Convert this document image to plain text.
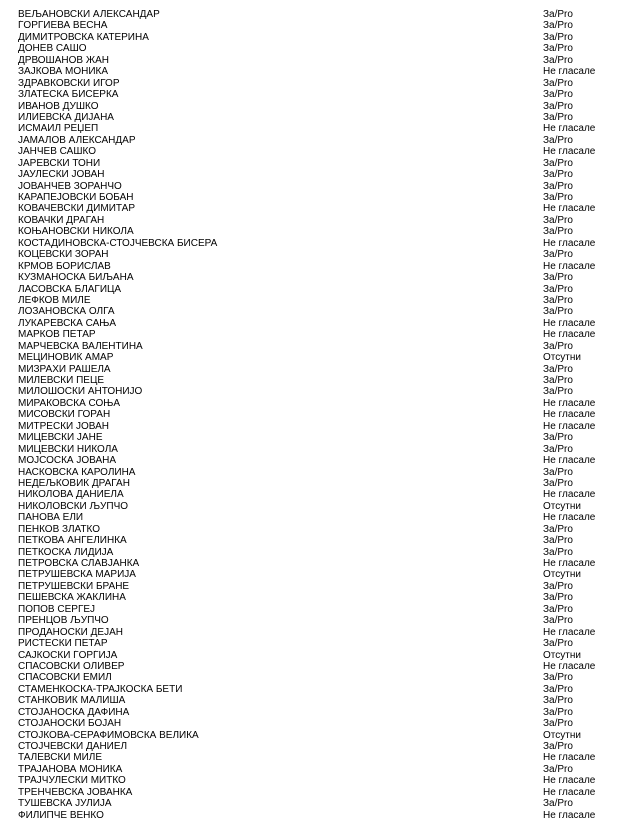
ВЕЉАНОВСКИ АЛЕКСАНДАР	За/Pro
ЃОРГИЕВА ВЕСНА	За/Pro
ДИМИТРОВСКА КАТЕРИНА	За/Pro
ДОНЕВ САШО	За/Pro
ДРВОШАНОВ ЖАН	За/Pro
ЗАЈКОВА МОНИКА	Не гласале
ЗДРАВКОВСКИ ИГОР	За/Pro
ЗЛАТЕСКА БИСЕРКА	За/Pro
ИВАНОВ ДУШКО	За/Pro
ИЛИЕВСКА ДИЈАНА	За/Pro
ИСМАИЛ РЕЏЕП	Не гласале
ЈАМАЛОВ АЛЕКСАНДАР	За/Pro
ЈАНЧЕВ САШКО	Не гласале
ЈАРЕВСКИ ТОНИ	За/Pro
ЈАУЛЕСКИ ЈОВАН	За/Pro
ЈОВАНЧЕВ ЗОРАНЧО	За/Pro
КАРАПЕЈОВСКИ БОБАН	За/Pro
КОВАЧЕВСКИ ДИМИТАР	Не гласале
КОВАЧКИ ДРАГАН	За/Pro
КОЊАНОВСКИ НИКОЛА	За/Pro
КОСТАДИНОВСКА-СТОЈЧЕВСКА БИСЕРА	Не гласале
КОЦЕВСКИ ЗОРАН	За/Pro
КРМОВ БОРИСЛАВ	Не гласале
КУЗМАНОСКА БИЉАНА	За/Pro
ЛАСОВСКА БЛАГИЦА	За/Pro
ЛЕФКОВ МИЛЕ	За/Pro
ЛОЗАНОВСКА ОЛГА	За/Pro
ЛУКАРЕВСКА САЊА	Не гласале
МАРКОВ ПЕТАР	Не гласале
МАРЧЕВСКА ВАЛЕНТИНА	За/Pro
МЕЦИНОВИЌ АМАР	Отсутни
МИЗРАХИ РАШЕЛА	За/Pro
МИЛЕВСКИ ПЕЦЕ	За/Pro
МИЛОШОСКИ АНТОНИЈО	За/Pro
МИРАКОВСКА СОЊА	Не гласале
МИСОВСКИ ГОРАН	Не гласале
МИТРЕСКИ ЈОВАН	Не гласале
МИЦЕВСКИ ЈАНЕ	За/Pro
МИЦЕВСКИ НИКОЛА	За/Pro
МОЈСОСКА ЈОВАНА	Не гласале
НАСКОВСКА КАРОЛИНА	За/Pro
НЕДЕЉКОВИЌ ДРАГАН	За/Pro
НИКОЛОВА ДАНИЕЛА	Не гласале
НИКОЛОВСКИ ЉУПЧО	Отсутни
ПАНОВА ЕЛИ	Не гласале
ПЕНКОВ ЗЛАТКО	За/Pro
ПЕТКОВА АНГЕЛИНКА	За/Pro
ПЕТКОСКА ЛИДИЈА	За/Pro
ПЕТРОВСКА СЛАВЈАНКА	Не гласале
ПЕТРУШЕВСКА МАРИЈА	Отсутни
ПЕТРУШЕВСКИ БРАНЕ	За/Pro
ПЕШЕВСКА ЖАКЛИНА	За/Pro
ПОПОВ СЕРГЕЈ	За/Pro
ПРЕНЦОВ ЉУПЧО	За/Pro
ПРОДАНОСКИ ДЕЈАН	Не гласале
РИСТЕСКИ ПЕТАР	За/Pro
САЈКОСКИ ЃОРЃИЈА	Отсутни
СПАСОВСКИ ОЛИВЕР	Не гласале
СПАСОВСКИ ЕМИЛ	За/Pro
СТАМЕНКОСКА-ТРАЈКОСКА БЕТИ	За/Pro
СТАНКОВИЌ МАЛИША	За/Pro
СТОЈАНОСКА ДАФИНА	За/Pro
СТОЈАНОСКИ БОЈАН	За/Pro
СТОЈКОВА-СЕРАФИМОВСКА ВЕЛИКА	Отсутни
СТОЈЧЕВСКИ ДАНИЕЛ	За/Pro
ТАЛЕВСКИ МИЛЕ	Не гласале
ТРАЈАНОВА МОНИКА	За/Pro
ТРАЈЧУЛЕСКИ МИТКО	Не гласале
ТРЕНЧЕВСКА ЈОВАНКА	Не гласале
ТУШЕВСКА ЈУЛИЈА	За/Pro
ФИЛИПЧЕ ВЕНКО	Не гласале
